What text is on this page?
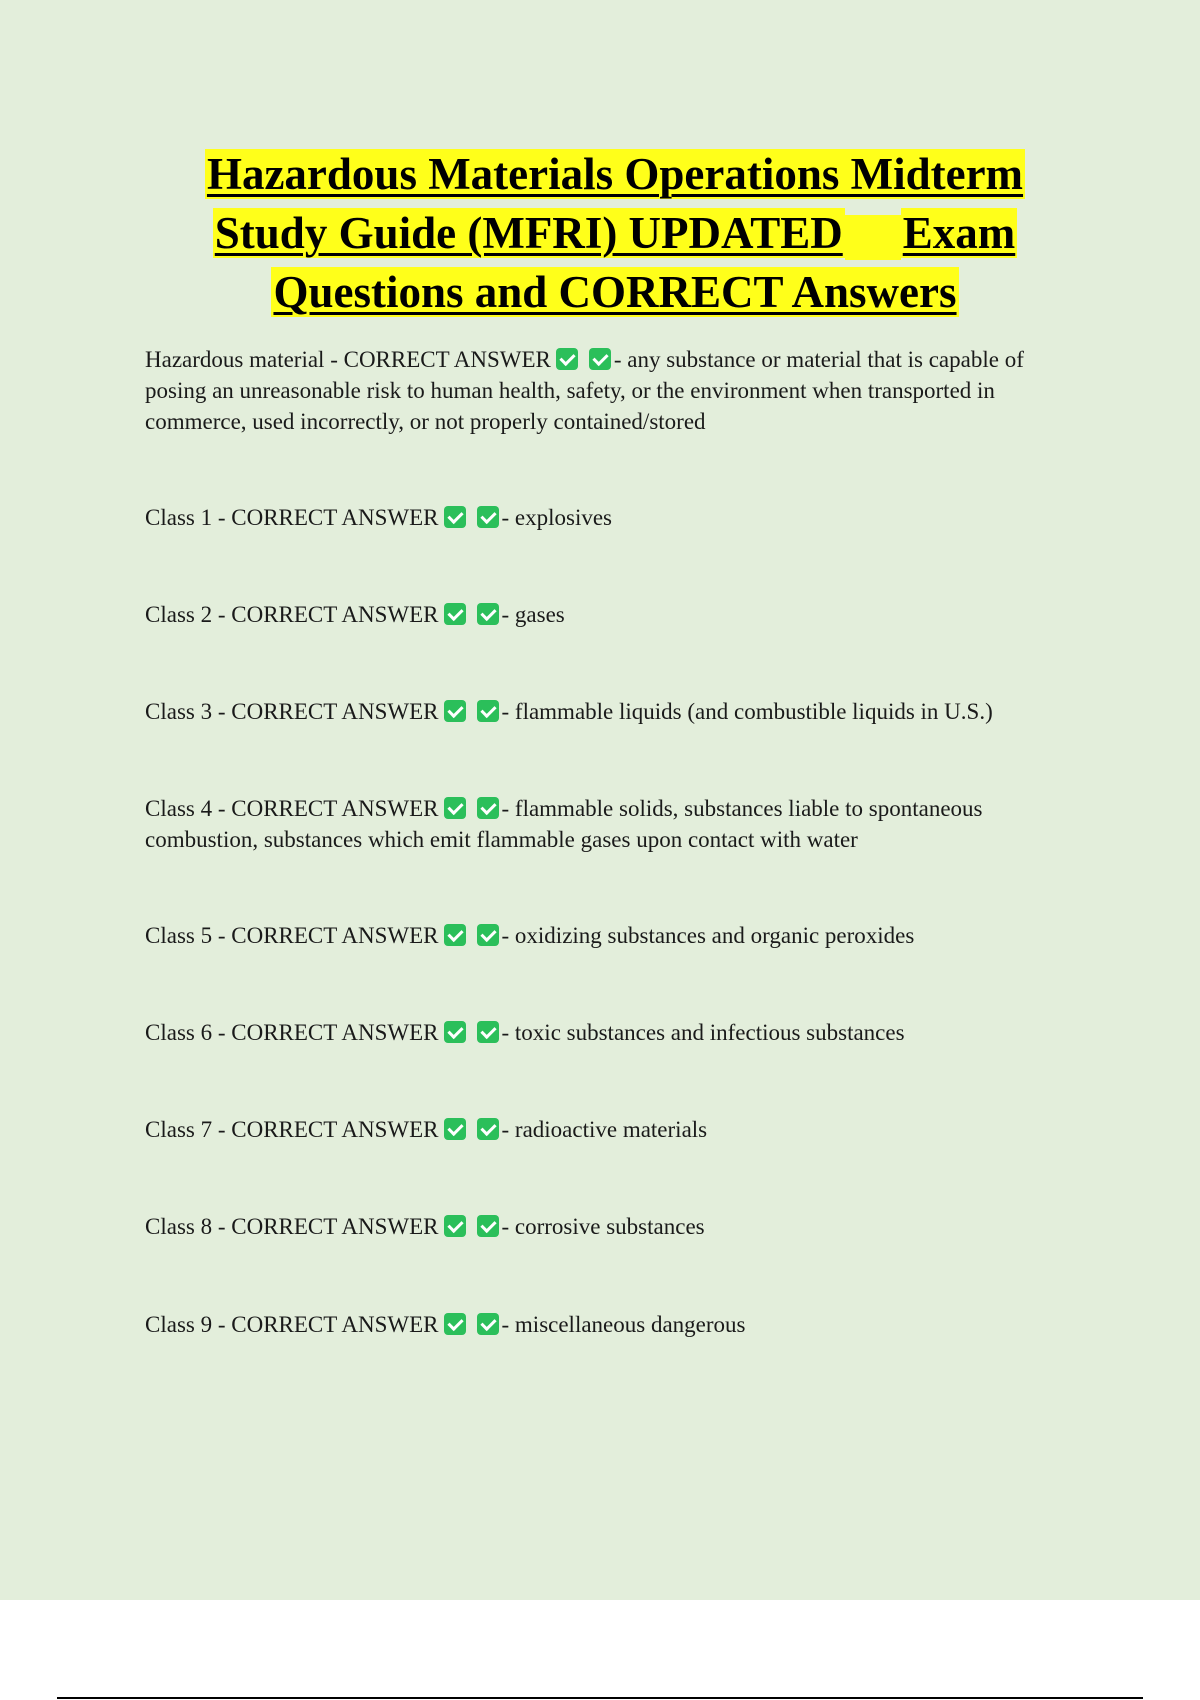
Hazardous Materials Operations Midterm
Study Guide (MFRI) UPDATED Exam
Questions and CORRECT Answers

Hazardous material - CORRECT ANSWER	- any substance or material that is capable of posing an unreasonable risk to human health, safety, or the environment when transported in commerce, used incorrectly, or not properly contained/stored

Class 1 - CORRECT ANSWER	- explosives

Class 2 - CORRECT ANSWER	- gases

Class 3 - CORRECT ANSWER	- flammable liquids (and combustible liquids in U.S.)

Class 4 - CORRECT ANSWER	- flammable solids, substances liable to spontaneous combustion, substances which emit flammable gases upon contact with water

Class 5 - CORRECT ANSWER	- oxidizing substances and organic peroxides

Class 6 - CORRECT ANSWER	- toxic substances and infectious substances

Class 7 - CORRECT ANSWER	- radioactive materials

Class 8 - CORRECT ANSWER	- corrosive substances

Class 9 - CORRECT ANSWER	- miscellaneous dangerous
